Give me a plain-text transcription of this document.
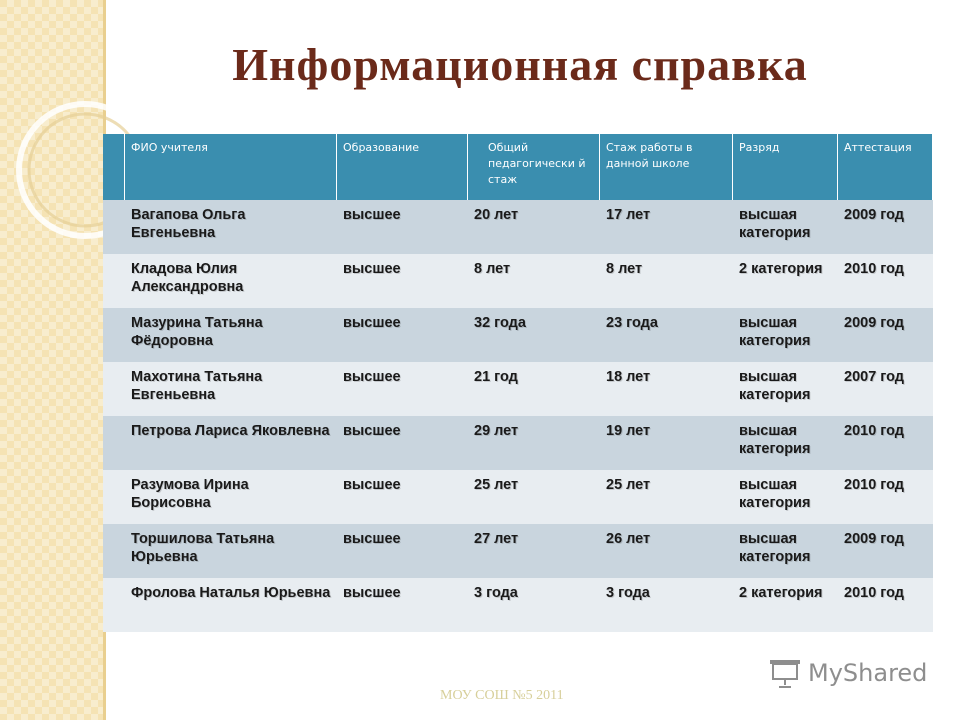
Информационная справка
	ФИО учителя	Образование	Общий педагогически й стаж	Стаж работы в данной школе	Разряд	Аттестация
	Вагапова Ольга Евгеньевна	высшее	20 лет	17 лет	высшая категория	2009 год
	Кладова Юлия Александровна	высшее	8 лет	8 лет	2 категория	2010 год
	Мазурина Татьяна Фёдоровна	высшее	32 года	23 года	высшая категория	2009 год
	Махотина Татьяна Евгеньевна	высшее	21 год	18 лет	высшая категория	2007 год
	Петрова Лариса Яковлевна	высшее	29 лет	19 лет	высшая категория	2010 год
	Разумова Ирина Борисовна	высшее	25 лет	25 лет	высшая категория	2010 год
	Торшилова Татьяна Юрьевна	высшее	27 лет	26 лет	высшая категория	2009 год
	Фролова Наталья Юрьевна	высшее	3 года	3 года	2 категория	2010 год
МОУ СОШ №5 2011
MyShared
